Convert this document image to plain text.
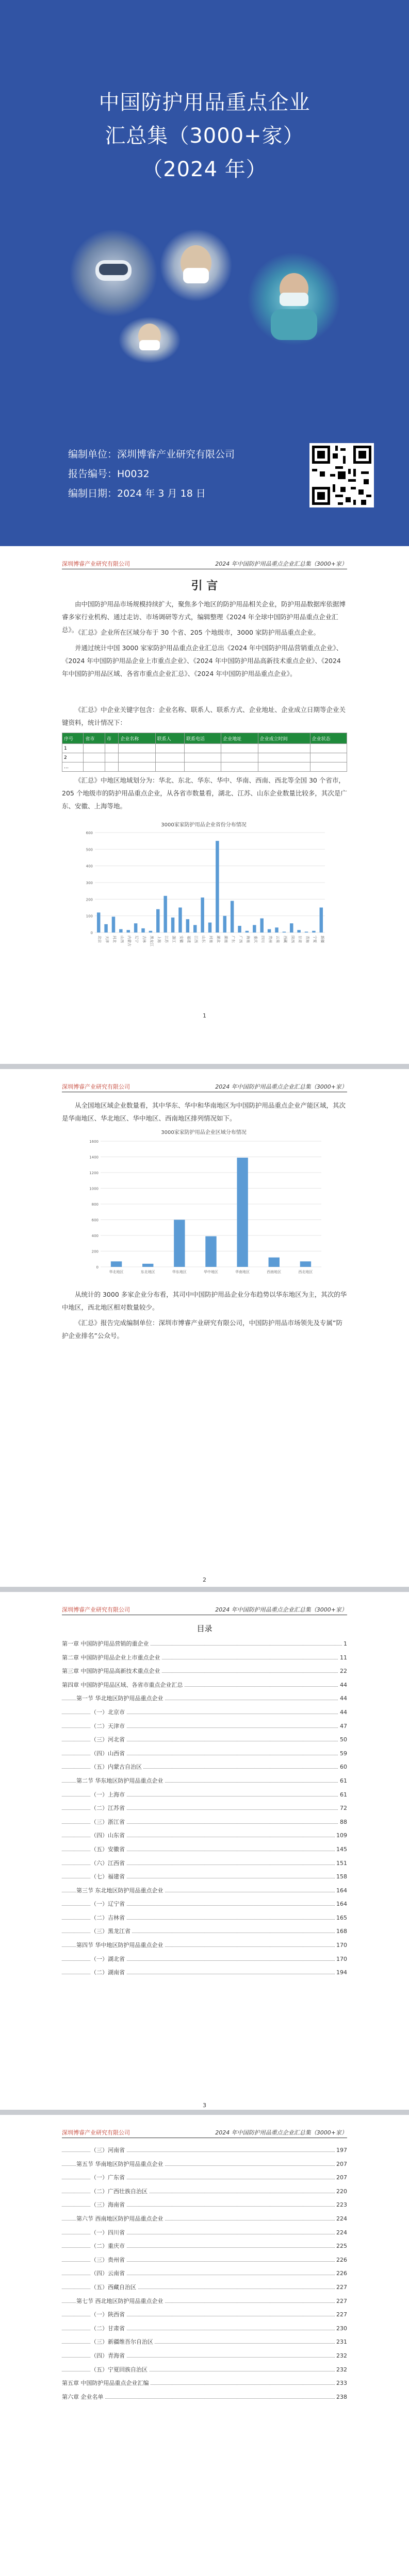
中国防护用品重点企业
汇总集（3000+家）
（2024 年）
编制单位：深圳博睿产业研究有限公司
报告编号：H0032
编制日期：2024 年 3 月 18 日
深圳博睿产业研究有限公司	2024 年中国防护用品重点企业汇总集（3000+家）
引 言
由中国防护用品市场规模持续扩大，聚焦多个地区的防护用品相关企业，防护用品数据库依据博睿多家行业机构、通过走访、市场调研等方式，编辑整理《2024 年全球中国防护用品重点企业汇总》。
《汇总》企业所在区域分布于 30 个省、205 个地级市，3000 家防护用品重点企业。
并通过统计中国 3000 家家防护用品重点企业汇总出《2024 年中国防护用品营销重点企业》、《2024 年中国防护用品企业上市重点企业》、《2024 年中国防护用品高新技术重点企业》、《2024 年中国防护用品区域、各省市重点企业汇总》、《2024 年中国防护用品重点企业》。
《汇总》中企业关键字包含：企业名称、联系人、联系方式、企业地址、企业成立日期等企业关键资料，统计情况下：
序号	省市	市	企业名称	联系人	联系电话	企业地址	企业成立时间	企业状态
1								
2								
…								
《汇总》中地区地域划分为：华北、东北、华东、华中、华南、西南、西北等全国 30 个省市，205 个地级市的防护用品重点企业，从各省市数量看，湖北、江苏、山东企业数量比较多，其次是广东、安徽、上海等地。
3000家家防护用品企业省份分布情况
600
500
400
300
200
100
0
北京 天津 河北 山西 内蒙古 辽宁 吉林 黑龙江 上海 江苏 浙江 安徽 福建 江西 山东 河南 湖北 湖南 广东 广西 海南 重庆 四川 贵州 云南 西藏 陕西 甘肃 青海 宁夏 新疆
1
深圳博睿产业研究有限公司	2024 年中国防护用品重点企业汇总集（3000+家）
从全国地区域企业数量看，其中华东、华中和华南地区为中国防护用品重点企业产能区域，其次是华南地区、华北地区、华中地区、西南地区排列情况如下。
3000家家防护用品企业区域分布情况
1600
1400
1200
1000
800
600
400
200
0
华北地区	东北地区	华东地区	华中地区	华南地区	西南地区	西北地区
从统计的 3000 多家企业分布看，其司中中国防护用品企业分布趋势以华东地区为主，其次的华中地区，西北地区相对数量较少。
《汇总》报告完成编制单位：深圳市博睿产业研究有限公司，中国防护用品市场领先及专属“防护企业排名”公众号。
2
深圳博睿产业研究有限公司	2024 年中国防护用品重点企业汇总集（3000+家）
目录
第一章 中国防护用品营销的重企业	1
第二章 中国防护用品企业上市重点企业	11
第三章 中国防护用品高新技术重点企业	22
第四章 中国防护用品区域、各省市重点企业汇总	44
第一节 华北地区防护用品重点企业	44
（一）北京市	44
（二）天津市	47
（三）河北省	50
（四）山西省	59
（五）内蒙古自治区	60
第二节 华东地区防护用品重点企业	61
（一）上海市	61
（二）江苏省	72
（三）浙江省	88
（四）山东省	109
（五）安徽省	145
（六）江西省	151
（七）福建省	158
第三节 东北地区防护用品重点企业	164
（一）辽宁省	164
（二）吉林省	165
（三）黑龙江省	168
第四节 华中地区防护用品重点企业	170
（一）湖北省	170
（二）湖南省	194
3
深圳博睿产业研究有限公司	2024 年中国防护用品重点企业汇总集（3000+家）
（三）河南省	197
第五节 华南地区防护用品重点企业	207
（一）广东省	207
（二）广西壮族自治区	220
（三）海南省	223
第六节 西南地区防护用品重点企业	224
（一）四川省	224
（二）重庆市	225
（三）贵州省	226
（四）云南省	226
（五）西藏自治区	227
第七节 西北地区防护用品重点企业	227
（一）陕西省	227
（二）甘肃省	230
（三）新疆维吾尔自治区	231
（四）青海省	232
（五）宁夏回族自治区	232
第五章 中国防护用品重点企业汇编	233
第六章 企业名单	238
